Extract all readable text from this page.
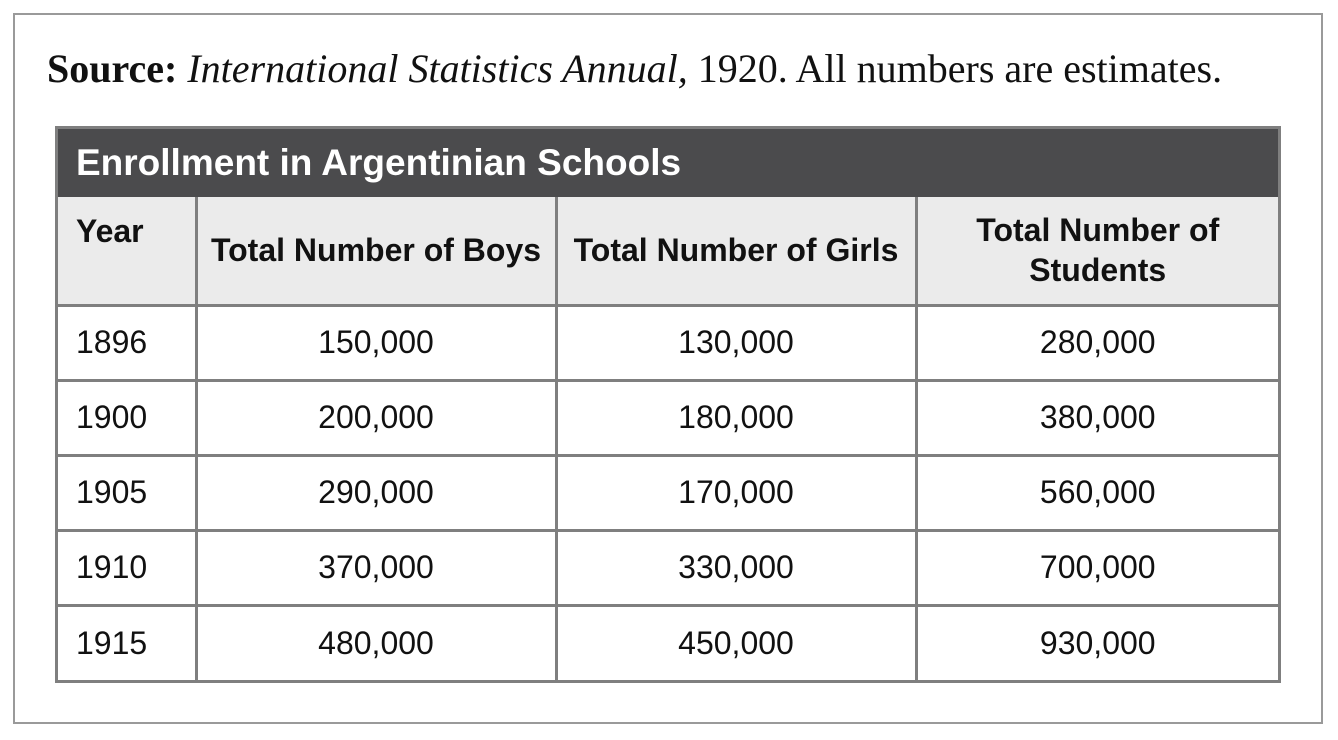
Source: International Statistics Annual, 1920. All numbers are estimates.
Enrollment in Argentinian Schools
Year	Total Number of Boys	Total Number of Girls	Total Number of Students
1896	150,000	130,000	280,000
1900	200,000	180,000	380,000
1905	290,000	170,000	560,000
1910	370,000	330,000	700,000
1915	480,000	450,000	930,000
